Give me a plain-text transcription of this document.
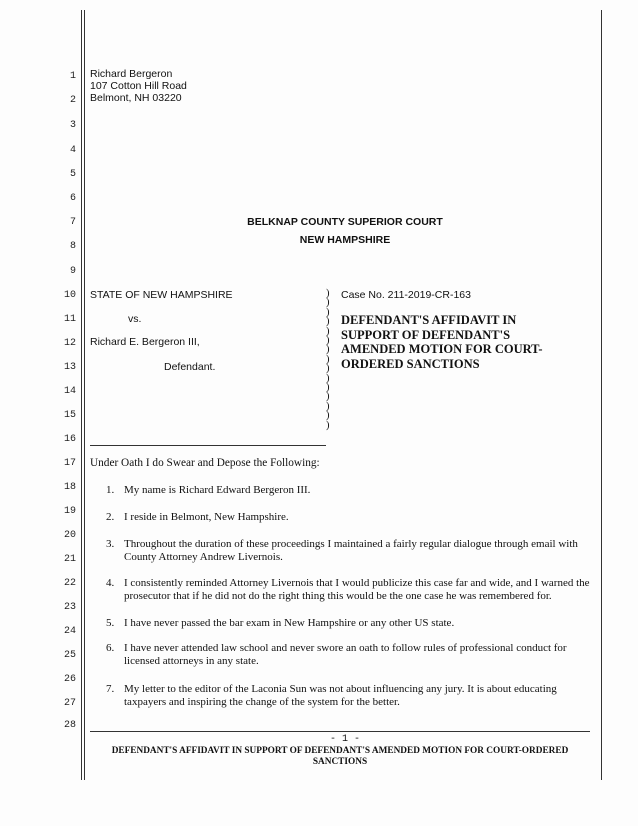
1
2
3
4
5
6
7
8
9
10
11
12
13
14
15
16
17
18
19
20
21
22
23
24
25
26
27
28
Richard Bergeron
107 Cotton Hill Road
Belmont, NH 03220
BELKNAP COUNTY SUPERIOR COURT
NEW HAMPSHIRE
STATE OF NEW HAMPSHIRE
vs.
Richard E. Bergeron III,
Defendant.
)
)
)
)
)
)
)
)
)
)
)
)
)
)
)
Case No. 211-2019-CR-163
DEFENDANT'S AFFIDAVIT IN SUPPORT OF DEFENDANT'S AMENDED MOTION FOR COURT-ORDERED SANCTIONS
Under Oath I do Swear and Depose the Following:
1. My name is Richard Edward Bergeron III.
2. I reside in Belmont, New Hampshire.
3. Throughout the duration of these proceedings I maintained a fairly regular dialogue through email with County Attorney Andrew Livernois.
4. I consistently reminded Attorney Livernois that I would publicize this case far and wide, and I warned the prosecutor that if he did not do the right thing this would be the one case he was remembered for.
5. I have never passed the bar exam in New Hampshire or any other US state.
6. I have never attended law school and never swore an oath to follow rules of professional conduct for licensed attorneys in any state.
7. My letter to the editor of the Laconia Sun was not about influencing any jury. It is about educating taxpayers and inspiring the change of the system for the better.
- 1 -
DEFENDANT'S AFFIDAVIT IN SUPPORT OF DEFENDANT'S AMENDED MOTION FOR COURT-ORDERED SANCTIONS
